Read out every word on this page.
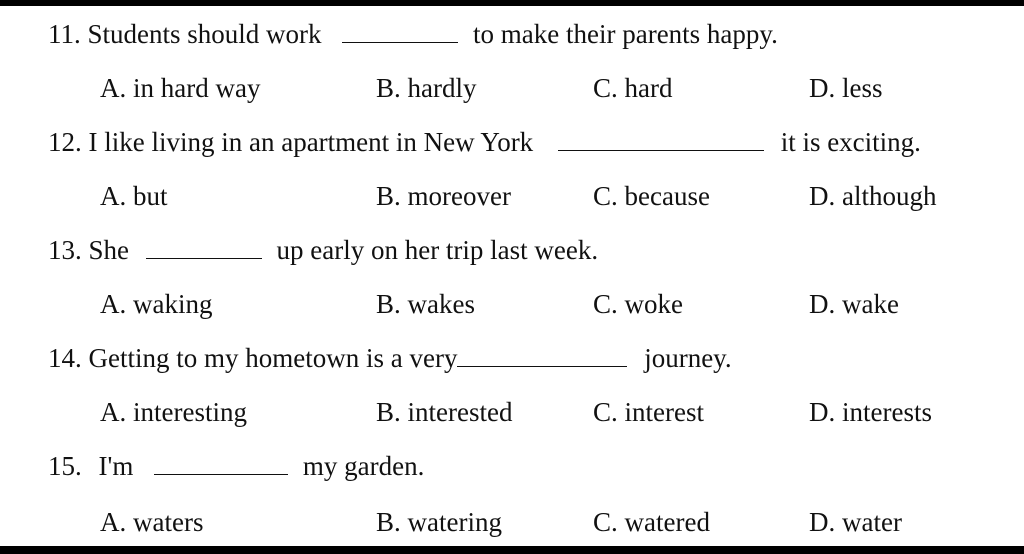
11. Students should work	to make their parents happy.
A. in hard way	B. hardly	C. hard	D. less
12. I like living in an apartment in New York	it is exciting.
A. but	B. moreover	C. because	D. although
13. She	up early on her trip last week.
A. waking	B. wakes	C. woke	D. wake
14. Getting to my hometown is a very	journey.
A. interesting	B. interested	C. interest	D. interests
15. I'm	my garden.
A. waters	B. watering	C. watered	D. water
